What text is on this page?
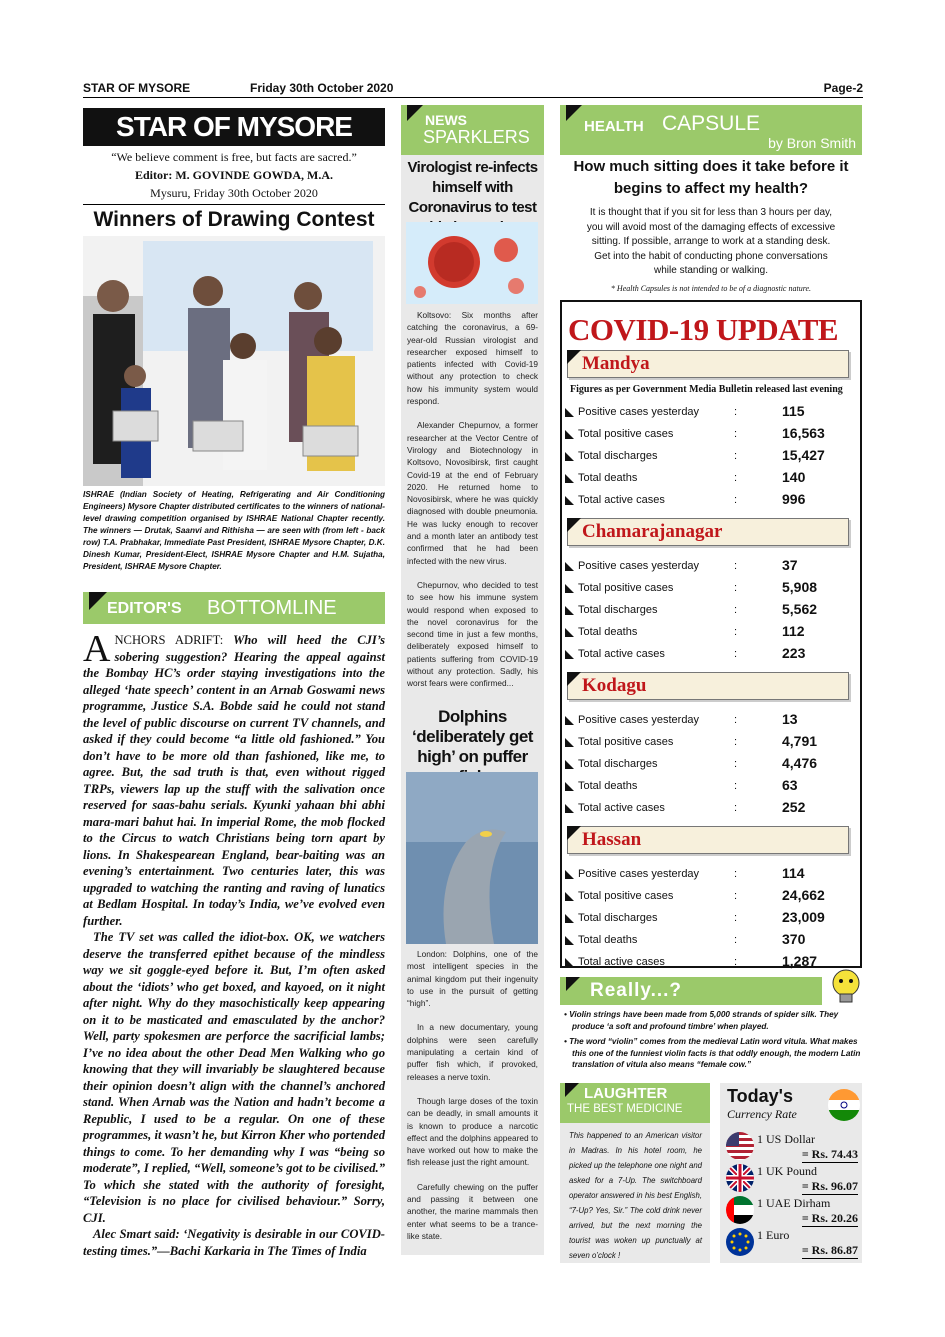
STAR OF MYSORE	Friday 30th October 2020	Page-2
STAR OF MYSORE
“We believe comment is free, but facts are sacred.”
Editor: M. GOVINDE GOWDA, M.A.
Mysuru, Friday 30th October 2020
Winners of Drawing Contest
ISHRAE (Indian Society of Heating, Refrigerating and Air Conditioning Engineers) Mysore Chapter distributed certificates to the winners of national-level drawing competition organised by ISHRAE National Chapter recently. The winners — Drutak, Saanvi and Rithisha — are seen with (from left - back row) T.A. Prabhakar, Immediate Past President, ISHRAE Mysore Chapter, D.K. Dinesh Kumar, President-Elect, ISHRAE Mysore Chapter and H.M. Sujatha, President, ISHRAE Mysore Chapter.
EDITOR'S BOTTOMLINE
A NCHORS ADRIFT: Who will heed the CJI’s sobering suggestion? Hearing the appeal against the Bombay HC’s order staying investigations into the alleged ‘hate speech’ content in an Arnab Goswami news programme, Justice S.A. Bobde said he could not stand the level of public discourse on current TV channels, and asked if they could become “a little old fashioned.” You don’t have to be more old than fashioned, like me, to agree. But, the sad truth is that, even without rigged TRPs, viewers lap up the stuff with the salivation once reserved for saas-bahu serials. Kyunki yahaan bhi abhi mara-mari bahut hai. In imperial Rome, the mob flocked to the Circus to watch Christians being torn apart by lions. In Shakespearean England, bear-baiting was an evening’s entertainment. Two centuries later, this was upgraded to watching the ranting and raving of lunatics at Bedlam Hospital. In today’s India, we’ve evolved even further.

The TV set was called the idiot-box. OK, we watchers deserve the transferred epithet because of the mindless way we sit goggle-eyed before it. But, I’m often asked about the ‘idiots’ who get boxed, and kayoed, on it night after night. Why do they masochistically keep appearing on it to be masticated and emasculated by the anchor? Well, party spokesmen are perforce the sacrificial lambs; I’ve no idea about the other Dead Men Walking who go knowing that they will invariably be slaughtered because their opinion doesn’t align with the channel’s anchored stand. When Arnab was the Nation and hadn’t become a Republic, I used to be a regular. On one of these programmes, it wasn’t he, but Kirron Kher who portended things to come. To her demanding why I was “being so moderate”, I replied, “Well, someone’s got to be civilised.” To which she stated with the authority of foresight, “Television is no place for civilised behaviour.” Sorry, CJI.

Alec Smart said: ‘Negativity is desirable in our COVID-testing times.”—Bachi Karkaria in The Times of India

NEWS
SPARKLERS
Virologist re-infects himself with Coronavirus to test

Koltsovo: Six months after catching the coronavirus, a 69-year-old Russian virologist and researcher exposed himself to patients infected with Covid-19 without any protection to check how his immunity system would respond.

Alexander Chepurnov, a former researcher at the Vector Centre of Virology and Biotechnology in Koltsovo, Novosibirsk, first caught Covid-19 at the end of February 2020. He returned home to Novosibirsk, where he was quickly diagnosed with double pneumonia. He was lucky enough to recover and a month later an antibody test confirmed that he had been infected with the new virus.

Chepurnov, who decided to test to see how his immune system would respond when exposed to the novel coronavirus for the second time in just a few months, deliberately exposed himself to patients suffering from COVID-19 without any protection. Sadly, his worst fears were confirmed...

Dolphins ‘deliberately get high’ on puffer

London: Dolphins, one of the most intelligent species in the animal kingdom put their ingenuity to use in the pursuit of getting “high”.

In a new documentary, young dolphins were seen carefully manipulating a certain kind of puffer fish which, if provoked, releases a nerve toxin.

Though large doses of the toxin can be deadly, in small amounts it is known to produce a narcotic effect and the dolphins appeared to have worked out how to make the fish release just the right amount.

Carefully chewing on the puffer and passing it between one another, the marine mammals then enter what seems to be a trance-like state.

HEALTH CAPSULE
by Bron Smith
How much sitting does it take before it begins to affect my health?
It is thought that if you sit for less than 3 hours per day, you will avoid most of the damaging effects of excessive sitting. If possible, arrange to work at a standing desk. Get into the habit of conducting phone conversations while standing or walking.
* Health Capsules is not intended to be of a diagnostic nature.
COVID-19 UPDATE
Mandya
Figures as per Government Media Bulletin released last evening
Positive cases yesterday	:	115
Total positive cases	:	16,563
Total discharges	:	15,427
Total deaths	:	140
Total active cases	:	996
Chamarajanagar
Positive cases yesterday	:	37
Total positive cases	:	5,908
Total discharges	:	5,562
Total deaths	:	112
Total active cases	:	223
Kodagu
Positive cases yesterday	:	13
Total positive cases	:	4,791
Total discharges	:	4,476
Total deaths	:	63
Total active cases	:	252
Hassan
Positive cases yesterday	:	114
Total positive cases	:	24,662
Total discharges	:	23,009
Total deaths	:	370
Total active cases	:	1,287
Really...?
• Violin strings have been made from 5,000 strands of spider silk. They produce ‘a soft and profound timbre’ when played.
• The word “violin” comes from the medieval Latin word vitula. What makes this one of the funniest violin facts is that oddly enough, the modern Latin translation of vitula also means “female cow.”
LAUGHTER
THE BEST MEDICINE
This happened to an American visitor in Madras. In his hotel room, he picked up the telephone one night and asked for a 7-Up. The switchboard operator answered in his best English, “7-Up? Yes, Sir.” The cold drink never arrived, but the next morning the tourist was woken up punctually at seven o’clock !
Today's
Currency Rate
1 US Dollar
= Rs. 74.43
1 UK Pound
= Rs. 96.07
1 UAE Dirham
= Rs. 20.26
1 Euro
= Rs. 86.87
